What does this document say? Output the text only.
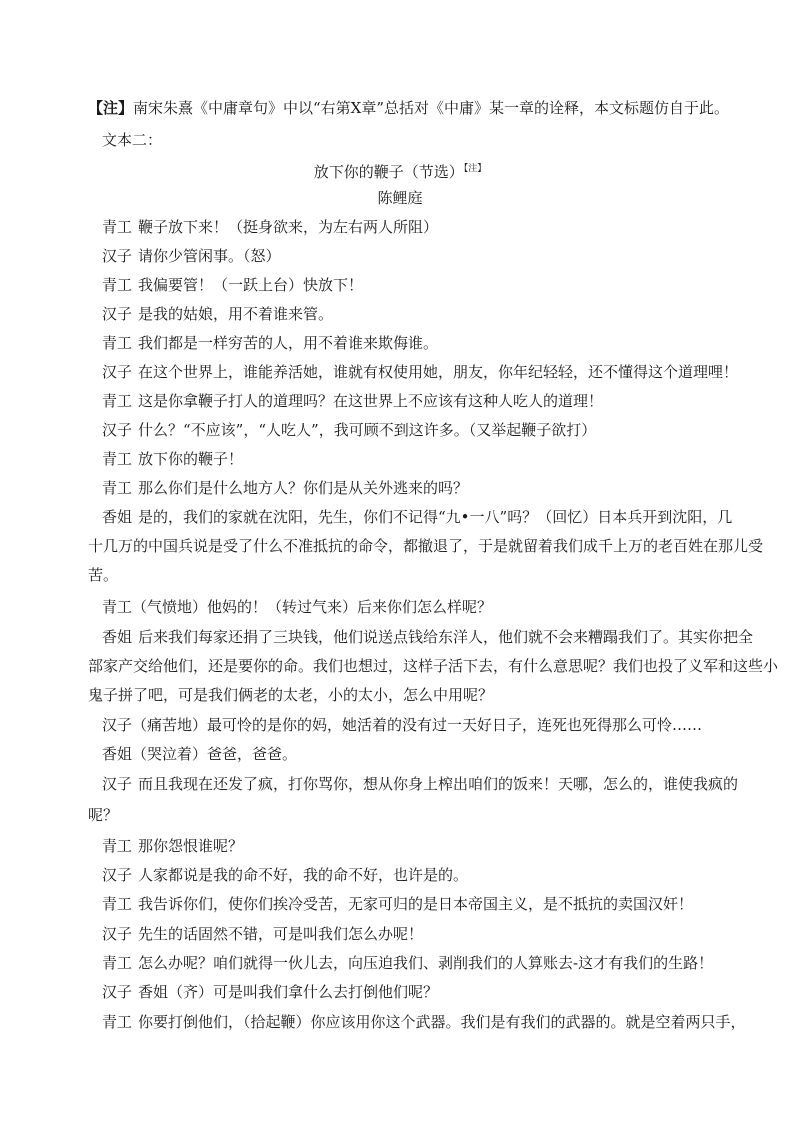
【注】南宋朱熹《中庸章句》中以“右第X章”总括对《中庸》某一章的诠释，本文标题仿自于此。
文本二：
放下你的鞭子（节选）$^{【注】}$
陈鲤庭
青工 鞭子放下来！（挺身欲来，为左右两人所阻）
汉子 请你少管闲事。（怒）
青工 我偏要管！（一跃上台）快放下！
汉子 是我的姑娘，用不着谁来管。
青工 我们都是一样穷苦的人，用不着谁来欺侮谁。
汉子 在这个世界上，谁能养活她，谁就有权使用她，朋友，你年纪轻轻，还不懂得这个道理哩！
青工 这是你拿鞭子打人的道理吗？在这世界上不应该有这种人吃人的道理！
汉子 什么？“不应该”，“人吃人”，我可顾不到这许多。（又举起鞭子欲打）
青工 放下你的鞭子！
青工 那么你们是什么地方人？你们是从关外逃来的吗？
香姐 是的，我们的家就在沈阳，先生，你们不记得“九•一八”吗？（回忆）日本兵开到沈阳，几
十几万的中国兵说是受了什么不准抵抗的命令，都撤退了，于是就留着我们成千上万的老百姓在那儿受
苦。
青工（气愤地）他妈的！（转过气来）后来你们怎么样呢？
香姐 后来我们每家还捐了三块钱，他们说送点钱给东洋人，他们就不会来糟蹋我们了。其实你把全
部家产交给他们，还是要你的命。我们也想过，这样子活下去，有什么意思呢？我们也投了义军和这些小
鬼子拼了吧，可是我们俩老的太老，小的太小，怎么中用呢？
汉子（痛苦地）最可怜的是你的妈，她活着的没有过一天好日子，连死也死得那么可怜……
香姐（哭泣着）爸爸，爸爸。
汉子 而且我现在还发了疯，打你骂你，想从你身上榨出咱们的饭来！天哪，怎么的，谁使我疯的
呢？
青工 那你怨恨谁呢？
汉子 人家都说是我的命不好，我的命不好，也许是的。
青工 我告诉你们，使你们挨冷受苦，无家可归的是日本帝国主义，是不抵抗的卖国汉奸！
汉子 先生的话固然不错，可是叫我们怎么办呢！
青工 怎么办呢？咱们就得一伙儿去，向压迫我们、剥削我们的人算账去-这才有我们的生路！
汉子 香姐（齐）可是叫我们拿什么去打倒他们呢？
青工 你要打倒他们，（拾起鞭）你应该用你这个武器。我们是有我们的武器的。就是空着两只手，
